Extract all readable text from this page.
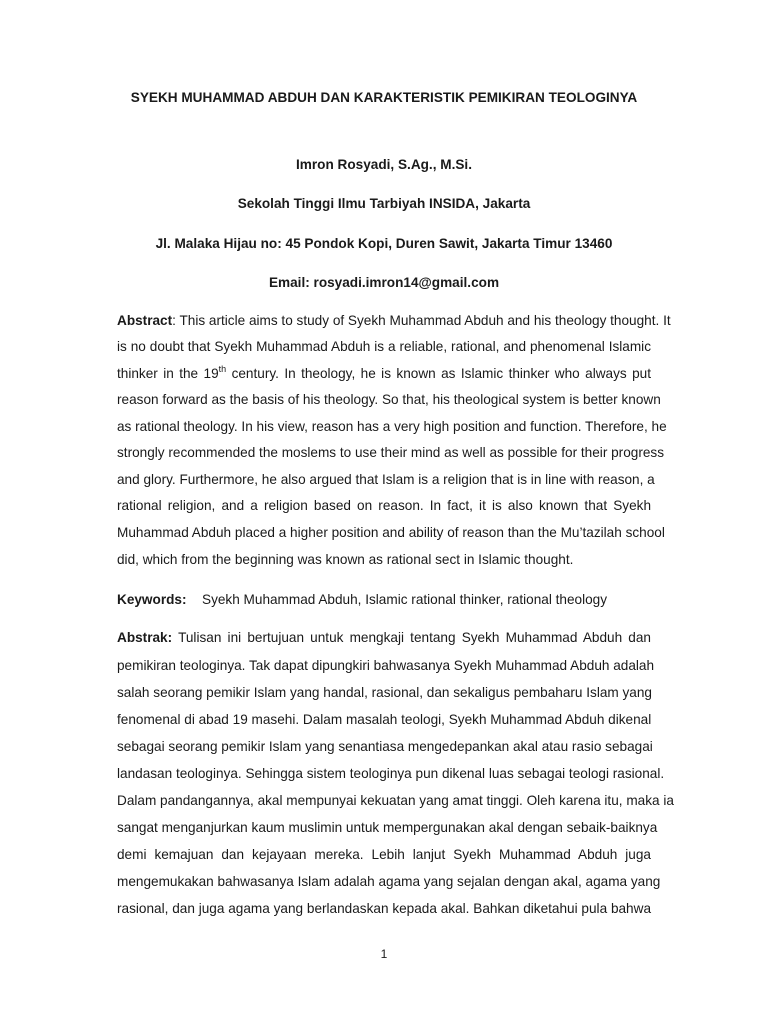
SYEKH MUHAMMAD ABDUH DAN KARAKTERISTIK PEMIKIRAN TEOLOGINYA
Imron Rosyadi, S.Ag., M.Si.
Sekolah Tinggi Ilmu Tarbiyah INSIDA, Jakarta
Jl. Malaka Hijau no: 45 Pondok Kopi, Duren Sawit, Jakarta Timur 13460
Email: rosyadi.imron14@gmail.com
Abstract: This article aims to study of Syekh Muhammad Abduh and his theology thought. It
is no doubt that Syekh Muhammad Abduh is a reliable, rational, and phenomenal Islamic
thinker in the 19th century. In theology, he is known as Islamic thinker who always put
reason forward as the basis of his theology. So that, his theological system is better known
as rational theology. In his view, reason has a very high position and function. Therefore, he
strongly recommended the moslems to use their mind as well as possible for their progress
and glory. Furthermore, he also argued that Islam is a religion that is in line with reason, a
rational religion, and a religion based on reason. In fact, it is also known that Syekh
Muhammad Abduh placed a higher position and ability of reason than the Mu’tazilah school
did, which from the beginning was known as rational sect in Islamic thought.
Keywords: Syekh Muhammad Abduh, Islamic rational thinker, rational theology
Abstrak: Tulisan ini bertujuan untuk mengkaji tentang Syekh Muhammad Abduh dan
pemikiran teologinya. Tak dapat dipungkiri bahwasanya Syekh Muhammad Abduh adalah
salah seorang pemikir Islam yang handal, rasional, dan sekaligus pembaharu Islam yang
fenomenal di abad 19 masehi. Dalam masalah teologi, Syekh Muhammad Abduh dikenal
sebagai seorang pemikir Islam yang senantiasa mengedepankan akal atau rasio sebagai
landasan teologinya. Sehingga sistem teologinya pun dikenal luas sebagai teologi rasional.
Dalam pandangannya, akal mempunyai kekuatan yang amat tinggi. Oleh karena itu, maka ia
sangat menganjurkan kaum muslimin untuk mempergunakan akal dengan sebaik-baiknya
demi kemajuan dan kejayaan mereka. Lebih lanjut Syekh Muhammad Abduh juga
mengemukakan bahwasanya Islam adalah agama yang sejalan dengan akal, agama yang
rasional, dan juga agama yang berlandaskan kepada akal. Bahkan diketahui pula bahwa
1
